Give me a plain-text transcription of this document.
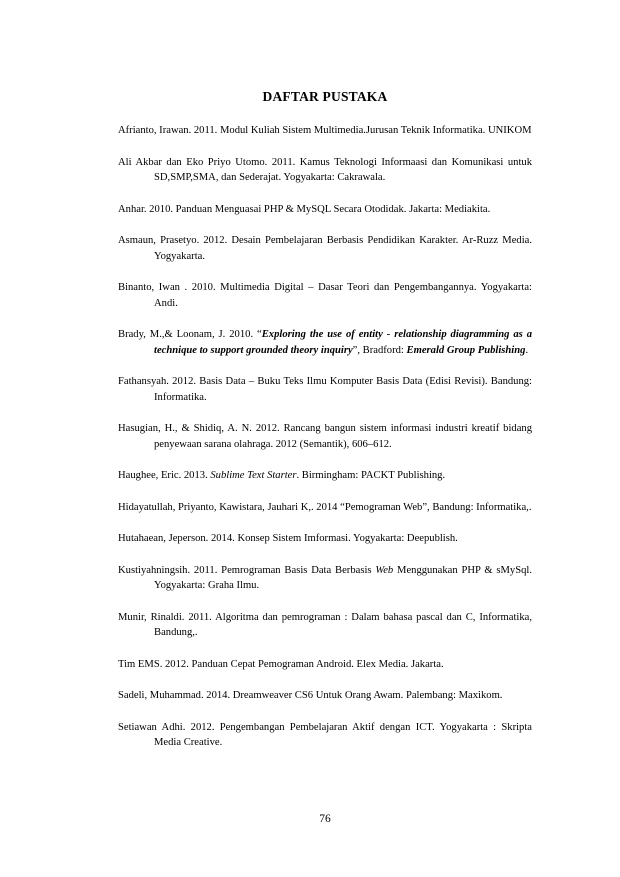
DAFTAR PUSTAKA

Afrianto, Irawan. 2011. Modul Kuliah Sistem Multimedia.Jurusan Teknik Informatika. UNIKOM

Ali Akbar dan Eko Priyo Utomo. 2011. Kamus Teknologi Informaasi dan Komunikasi untuk SD,SMP,SMA, dan Sederajat. Yogyakarta: Cakrawala.

Anhar. 2010. Panduan Menguasai PHP & MySQL Secara Otodidak. Jakarta: Mediakita.

Asmaun, Prasetyo. 2012. Desain Pembelajaran Berbasis Pendidikan Karakter. Ar-Ruzz Media. Yogyakarta.

Binanto, Iwan . 2010. Multimedia Digital – Dasar Teori dan Pengembangannya. Yogyakarta: Andi.

Brady, M.,& Loonam, J. 2010. “Exploring the use of entity - relationship diagramming as a technique to support grounded theory inquiry”, Bradford: Emerald Group Publishing.

Fathansyah. 2012. Basis Data – Buku Teks Ilmu Komputer Basis Data (Edisi Revisi). Bandung: Informatika.

Hasugian, H., & Shidiq, A. N. 2012. Rancang bangun sistem informasi industri kreatif bidang penyewaan sarana olahraga. 2012 (Semantik), 606–612.

Haughee, Eric. 2013. Sublime Text Starter. Birmingham: PACKT Publishing.

Hidayatullah, Priyanto, Kawistara, Jauhari K,. 2014 “Pemograman Web”, Bandung: Informatika,.

Hutahaean, Jeperson. 2014. Konsep Sistem Imformasi. Yogyakarta: Deepublish.

Kustiyahningsih. 2011. Pemrograman Basis Data Berbasis Web Menggunakan PHP & sMySql. Yogyakarta: Graha Ilmu.

Munir, Rinaldi. 2011. Algoritma dan pemrograman : Dalam bahasa pascal dan C, Informatika, Bandung,.

Tim EMS. 2012. Panduan Cepat Pemograman Android. Elex Media. Jakarta.

Sadeli, Muhammad. 2014. Dreamweaver CS6 Untuk Orang Awam. Palembang: Maxikom.

Setiawan Adhi. 2012. Pengembangan Pembelajaran Aktif dengan ICT. Yogyakarta : Skripta Media Creative.

76
